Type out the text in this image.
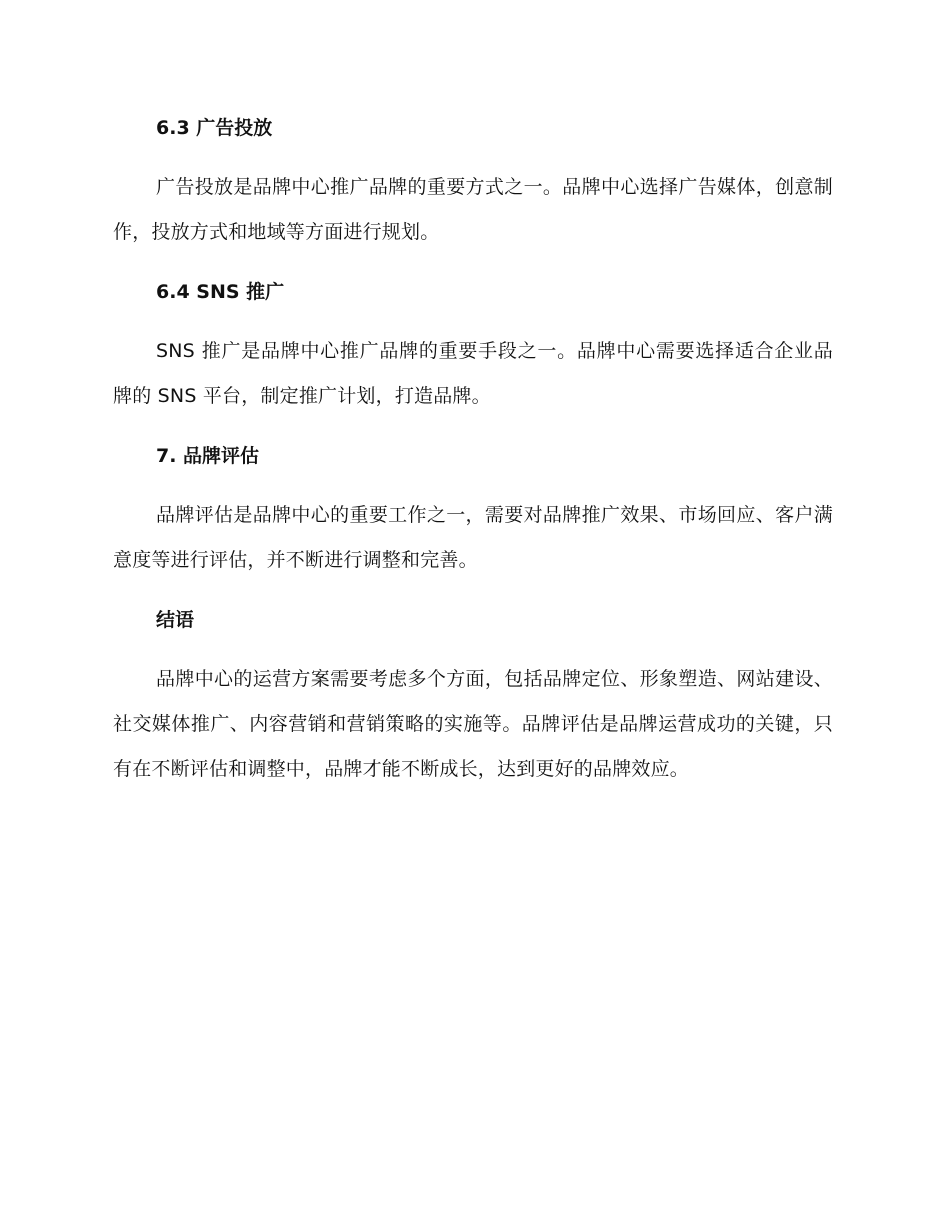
6.3 广告投放

广告投放是品牌中心推广品牌的重要方式之一。品牌中心选择广告媒体，创意制作，投放方式和地域等方面进行规划。

6.4 SNS 推广

SNS 推广是品牌中心推广品牌的重要手段之一。品牌中心需要选择适合企业品牌的 SNS 平台，制定推广计划，打造品牌。

7. 品牌评估

品牌评估是品牌中心的重要工作之一，需要对品牌推广效果、市场回应、客户满意度等进行评估，并不断进行调整和完善。

结语

品牌中心的运营方案需要考虑多个方面，包括品牌定位、形象塑造、网站建设、社交媒体推广、内容营销和营销策略的实施等。品牌评估是品牌运营成功的关键，只有在不断评估和调整中，品牌才能不断成长，达到更好的品牌效应。
